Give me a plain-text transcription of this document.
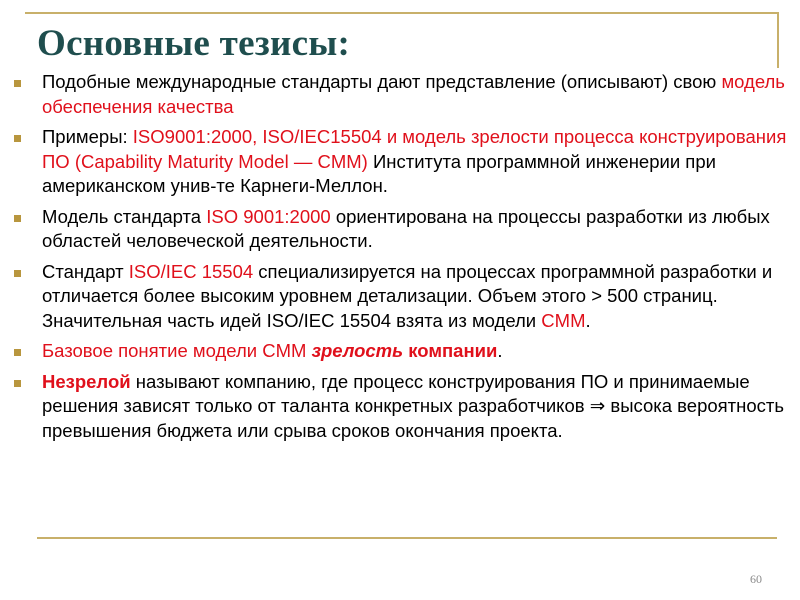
Основные тезисы:
Подобные международные стандарты дают представление (описывают) свою модель обеспечения качества
Примеры: ISO9001:2000, ISO/IEC15504 и модель зрелости процесса конструирования ПО (Capability Maturity Model — CMM) Института программной инженерии при американском унив-те Карнеги-Меллон.
Модель стандарта ISO 9001:2000 ориентирована на процессы разработки из любых областей человеческой деятельности.
Стандарт ISO/IEC 15504 специализируется на процессах программной разработки и отличается более высоким уровнем детализации. Объем этого > 500 страниц. Значительная часть идей ISO/IEC 15504 взята из модели CMM.
Базовое понятие модели CMM зрелость компании.
Незрелой называют компанию, где процесс конструирования ПО и принимаемые решения зависят только от таланта конкретных разработчиков ⇒ высока вероятность превышения бюджета или срыва сроков окончания проекта.
60
